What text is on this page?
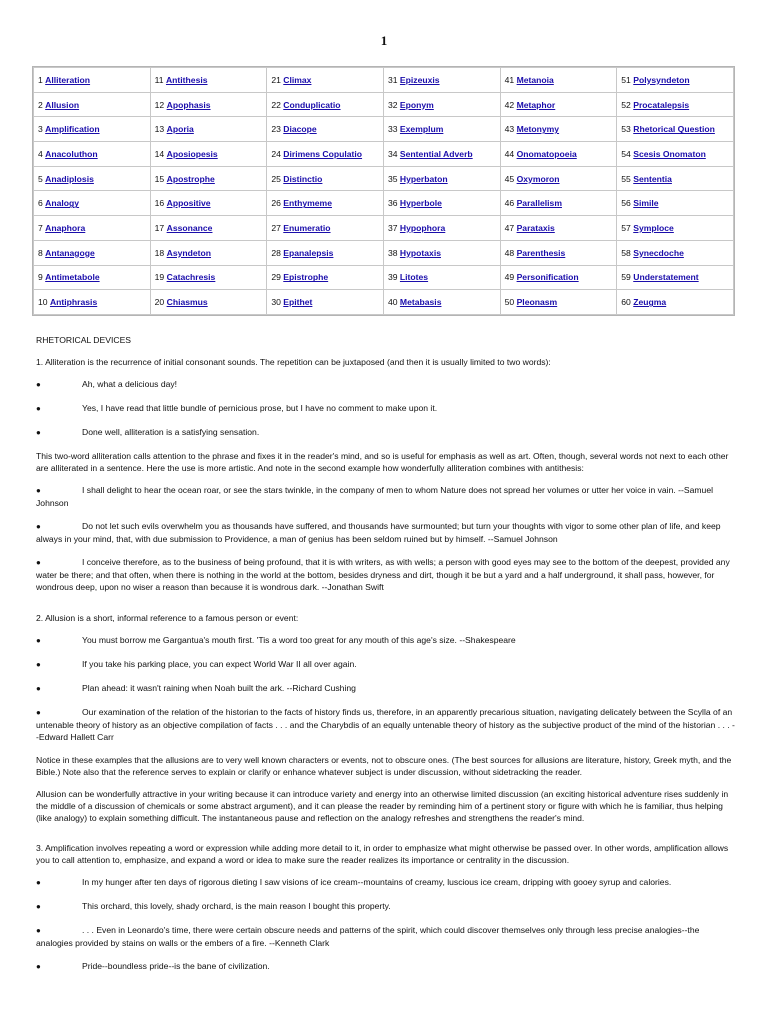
1
1 Alliteration	11 Antithesis	21 Climax	31 Epizeuxis	41 Metanoia	51 Polysyndeton
2 Allusion	12 Apophasis	22 Conduplicatio	32 Eponym	42 Metaphor	52 Procatalepsis
3 Amplification	13 Aporia	23 Diacope	33 Exemplum	43 Metonymy	53 Rhetorical Question
4 Anacoluthon	14 Aposiopesis	24 Dirimens Copulatio	34 Sentential Adverb	44 Onomatopoeia	54 Scesis Onomaton
5 Anadiplosis	15 Apostrophe	25 Distinctio	35 Hyperbaton	45 Oxymoron	55 Sententia
6 Analogy	16 Appositive	26 Enthymeme	36 Hyperbole	46 Parallelism	56 Simile
7 Anaphora	17 Assonance	27 Enumeratio	37 Hypophora	47 Parataxis	57 Symploce
8 Antanagoge	18 Asyndeton	28 Epanalepsis	38 Hypotaxis	48 Parenthesis	58 Synecdoche
9 Antimetabole	19 Catachresis	29 Epistrophe	39 Litotes	49 Personification	59 Understatement
10 Antiphrasis	20 Chiasmus	30 Epithet	40 Metabasis	50 Pleonasm	60 Zeugma
RHETORICAL DEVICES

1. Alliteration is the recurrence of initial consonant sounds. The repetition can be juxtaposed (and then it is usually limited to two words):

●	Ah, what a delicious day!

●	Yes, I have read that little bundle of pernicious prose, but I have no comment to make upon it.

●	Done well, alliteration is a satisfying sensation.

This two-word alliteration calls attention to the phrase and fixes it in the reader's mind, and so is useful for emphasis as well as art. Often, though, several words not next to each other are alliterated in a sentence. Here the use is more artistic. And note in the second example how wonderfully alliteration combines with antithesis:

●	I shall delight to hear the ocean roar, or see the stars twinkle, in the company of men to whom Nature does not spread her volumes or utter her voice in vain. --Samuel Johnson

●	Do not let such evils overwhelm you as thousands have suffered, and thousands have surmounted; but turn your thoughts with vigor to some other plan of life, and keep always in your mind, that, with due submission to Providence, a man of genius has been seldom ruined but by himself. --Samuel Johnson

●	I conceive therefore, as to the business of being profound, that it is with writers, as with wells; a person with good eyes may see to the bottom of the deepest, provided any water be there; and that often, when there is nothing in the world at the bottom, besides dryness and dirt, though it be but a yard and a half underground, it shall pass, however, for wondrous deep, upon no wiser a reason than because it is wondrous dark. --Jonathan Swift

2. Allusion is a short, informal reference to a famous person or event:

●	You must borrow me Gargantua's mouth first. 'Tis a word too great for any mouth of this age's size. --Shakespeare

●	If you take his parking place, you can expect World War II all over again.

●	Plan ahead: it wasn't raining when Noah built the ark. --Richard Cushing

●	Our examination of the relation of the historian to the facts of history finds us, therefore, in an apparently precarious situation, navigating delicately between the Scylla of an untenable theory of history as an objective compilation of facts . . . and the Charybdis of an equally untenable theory of history as the subjective product of the mind of the historian . . . --Edward Hallett Carr

Notice in these examples that the allusions are to very well known characters or events, not to obscure ones. (The best sources for allusions are literature, history, Greek myth, and the Bible.) Note also that the reference serves to explain or clarify or enhance whatever subject is under discussion, without sidetracking the reader.

Allusion can be wonderfully attractive in your writing because it can introduce variety and energy into an otherwise limited discussion (an exciting historical adventure rises suddenly in the middle of a discussion of chemicals or some abstract argument), and it can please the reader by reminding him of a pertinent story or figure with which he is familiar, thus helping (like analogy) to explain something difficult. The instantaneous pause and reflection on the analogy refreshes and strengthens the reader's mind.

3. Amplification involves repeating a word or expression while adding more detail to it, in order to emphasize what might otherwise be passed over. In other words, amplification allows you to call attention to, emphasize, and expand a word or idea to make sure the reader realizes its importance or centrality in the discussion.

●	In my hunger after ten days of rigorous dieting I saw visions of ice cream--mountains of creamy, luscious ice cream, dripping with gooey syrup and calories.

●	This orchard, this lovely, shady orchard, is the main reason I bought this property.

●	. . . Even in Leonardo's time, there were certain obscure needs and patterns of the spirit, which could discover themselves only through less precise analogies--the analogies provided by stains on walls or the embers of a fire. --Kenneth Clark

●	Pride--boundless pride--is the bane of civilization.
